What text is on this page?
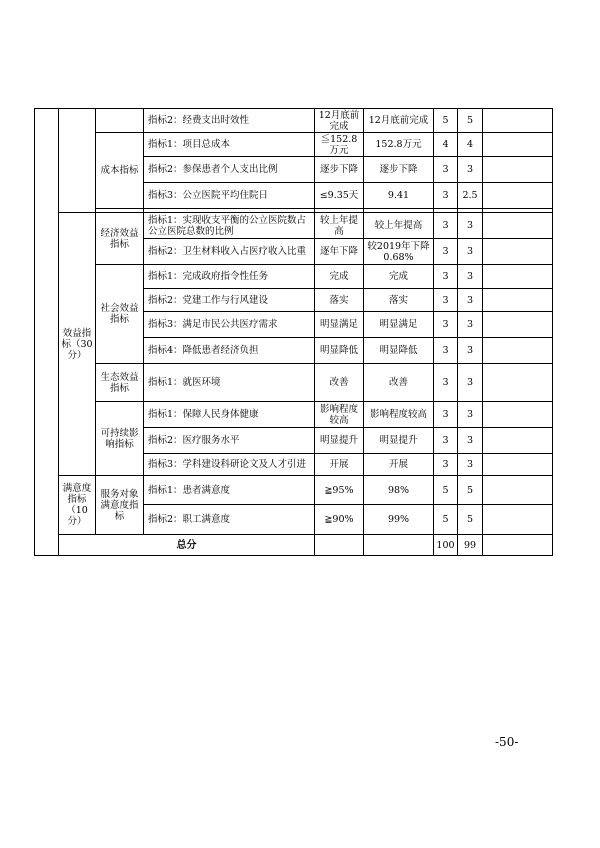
			指标2：经费支出时效性	12月底前完成	12月底前完成	5	5		
		成本指标	指标1：项目总成本	≦152.8万元	152.8万元	4	4		
			指标2：参保患者个人支出比例	逐步下降	逐步下降	3	3		
			指标3：公立医院平均住院日	≤9.35天	9.41	3	2.5		

	效益指标（30分）	经济效益指标	指标1：实现收支平衡的公立医院数占公立医院总数的比例	较上年提高	较上年提高	3	3		
			指标2：卫生材料收入占医疗收入比重	逐年下降	较2019年下降0.68%	3	3		
		社会效益指标	指标1：完成政府指令性任务	完成	完成	3	3		
			指标2：党建工作与行风建设	落实	落实	3	3		
			指标3：满足市民公共医疗需求	明显满足	明显满足	3	3		
			指标4：降低患者经济负担	明显降低	明显降低	3	3		
		生态效益指标	指标1：就医环境	改善	改善	3	3		
		可持续影响指标	指标1：保障人民身体健康	影响程度较高	影响程度较高	3	3		
			指标2：医疗服务水平	明显提升	明显提升	3	3		
			指标3：学科建设科研论文及人才引进	开展	开展	3	3		
	满意度指标（10分）	服务对象满意度指标	指标1：患者满意度	≧95%	98%	5	5		
			指标2：职工满意度	≧90%	99%	5	5		
	总分					100	99		
-50-
